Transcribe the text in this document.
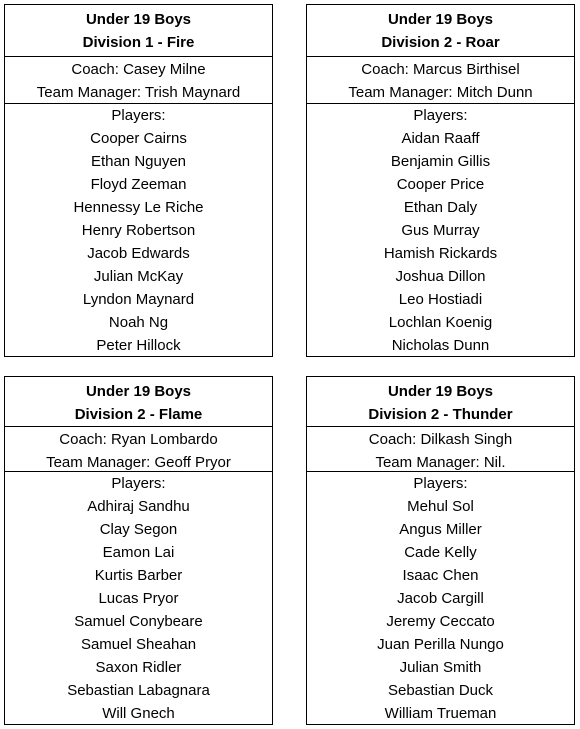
Under 19 Boys
Division 1 - Fire
Coach: Casey Milne
Team Manager: Trish Maynard
Players:
Cooper Cairns
Ethan Nguyen
Floyd Zeeman
Hennessy Le Riche
Henry Robertson
Jacob Edwards
Julian McKay
Lyndon Maynard
Noah Ng
Peter Hillock
Under 19 Boys
Division 2 - Roar
Coach: Marcus Birthisel
Team Manager: Mitch Dunn
Players:
Aidan Raaff
Benjamin Gillis
Cooper Price
Ethan Daly
Gus Murray
Hamish Rickards
Joshua Dillon
Leo Hostiadi
Lochlan Koenig
Nicholas Dunn
Under 19 Boys
Division 2 - Flame
Coach: Ryan Lombardo
Team Manager: Geoff Pryor
Players:
Adhiraj Sandhu
Clay Segon
Eamon Lai
Kurtis Barber
Lucas Pryor
Samuel Conybeare
Samuel Sheahan
Saxon Ridler
Sebastian Labagnara
Will Gnech
Under 19 Boys
Division 2 - Thunder
Coach: Dilkash Singh
Team Manager: Nil.
Players:
Mehul Sol
Angus Miller
Cade Kelly
Isaac Chen
Jacob Cargill
Jeremy Ceccato
Juan Perilla Nungo
Julian Smith
Sebastian Duck
William Trueman
